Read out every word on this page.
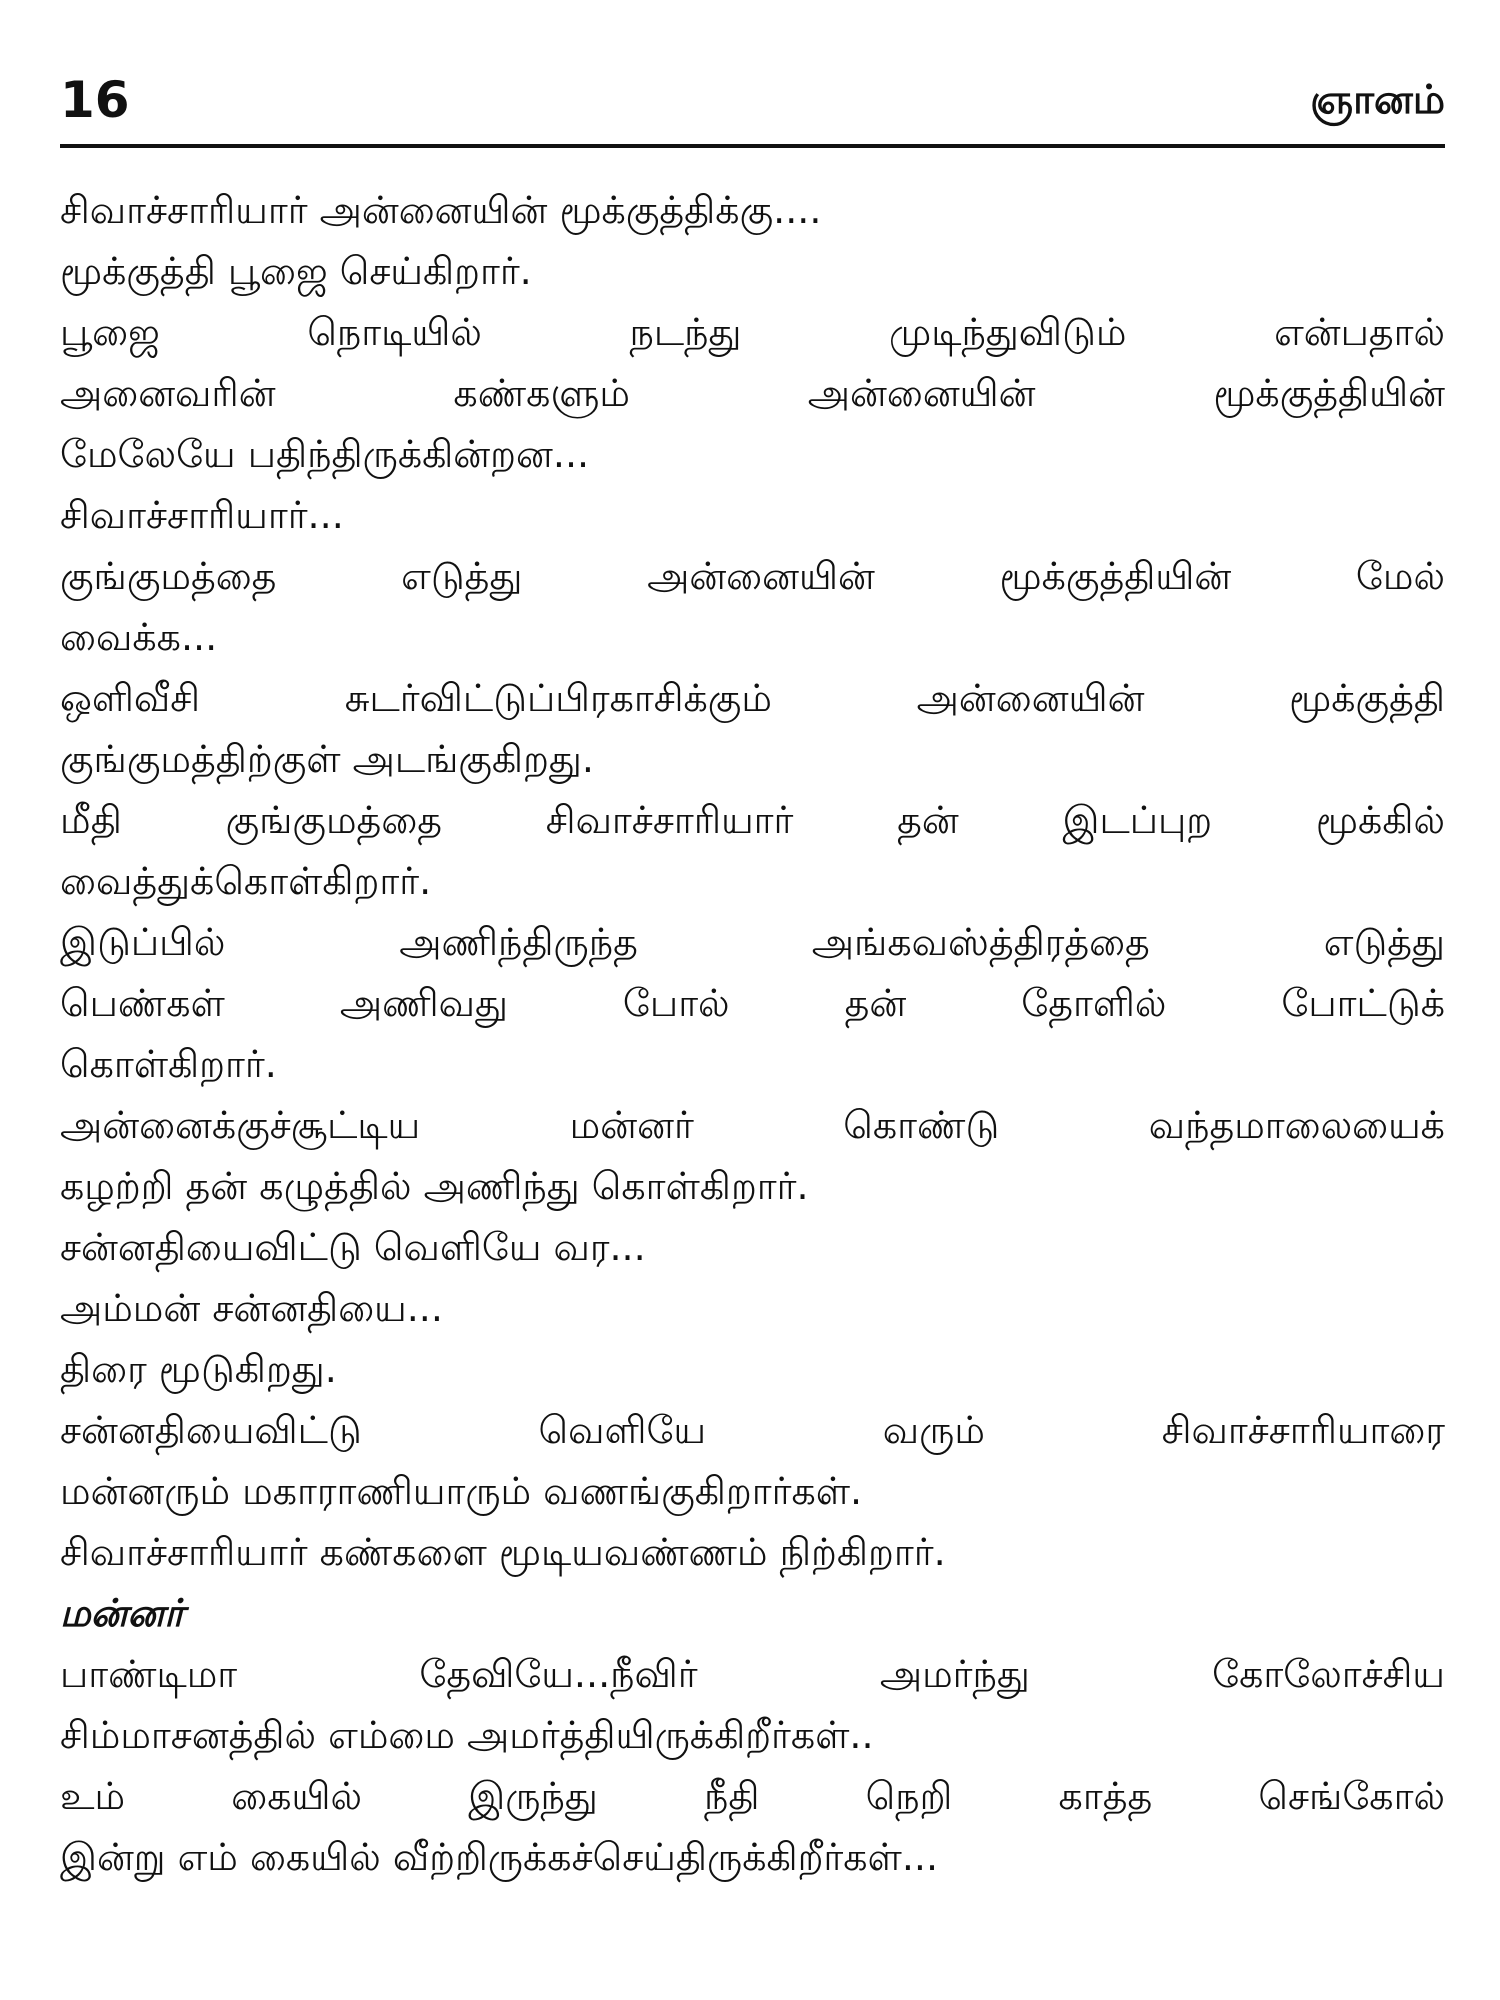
16	ஞானம்
சிவாச்சாரியார் அன்னையின் மூக்குத்திக்கு....
மூக்குத்தி பூஜை செய்கிறார்.
பூஜை நொடியில் நடந்து முடிந்துவிடும் என்பதால்
அனைவரின் கண்களும் அன்னையின் மூக்குத்தியின்
மேலேயே பதிந்திருக்கின்றன...
சிவாச்சாரியார்...
குங்குமத்தை எடுத்து அன்னையின் மூக்குத்தியின் மேல்
வைக்க...
ஒளிவீசி சுடர்விட்டுப்பிரகாசிக்கும் அன்னையின் மூக்குத்தி
குங்குமத்திற்குள் அடங்குகிறது.
மீதி குங்குமத்தை சிவாச்சாரியார் தன் இடப்புற மூக்கில்
வைத்துக்கொள்கிறார்.
இடுப்பில் அணிந்திருந்த அங்கவஸ்த்திரத்தை எடுத்து
பெண்கள் அணிவது போல் தன் தோளில் போட்டுக்
கொள்கிறார்.
அன்னைக்குச்சூட்டிய மன்னர் கொண்டு வந்தமாலையைக்
கழற்றி தன் கழுத்தில் அணிந்து கொள்கிறார்.
சன்னதியைவிட்டு வெளியே வர...
அம்மன் சன்னதியை...
திரை மூடுகிறது.
சன்னதியைவிட்டு வெளியே வரும் சிவாச்சாரியாரை
மன்னரும் மகாராணியாரும் வணங்குகிறார்கள்.
சிவாச்சாரியார் கண்களை மூடியவண்ணம் நிற்கிறார்.
மன்னர்
பாண்டிமா தேவியே...நீவிர் அமர்ந்து கோலோச்சிய
சிம்மாசனத்தில் எம்மை அமர்த்தியிருக்கிறீர்கள்..
உம் கையில் இருந்து நீதி நெறி காத்த செங்கோல்
இன்று எம் கையில் வீற்றிருக்கச்செய்திருக்கிறீர்கள்...
